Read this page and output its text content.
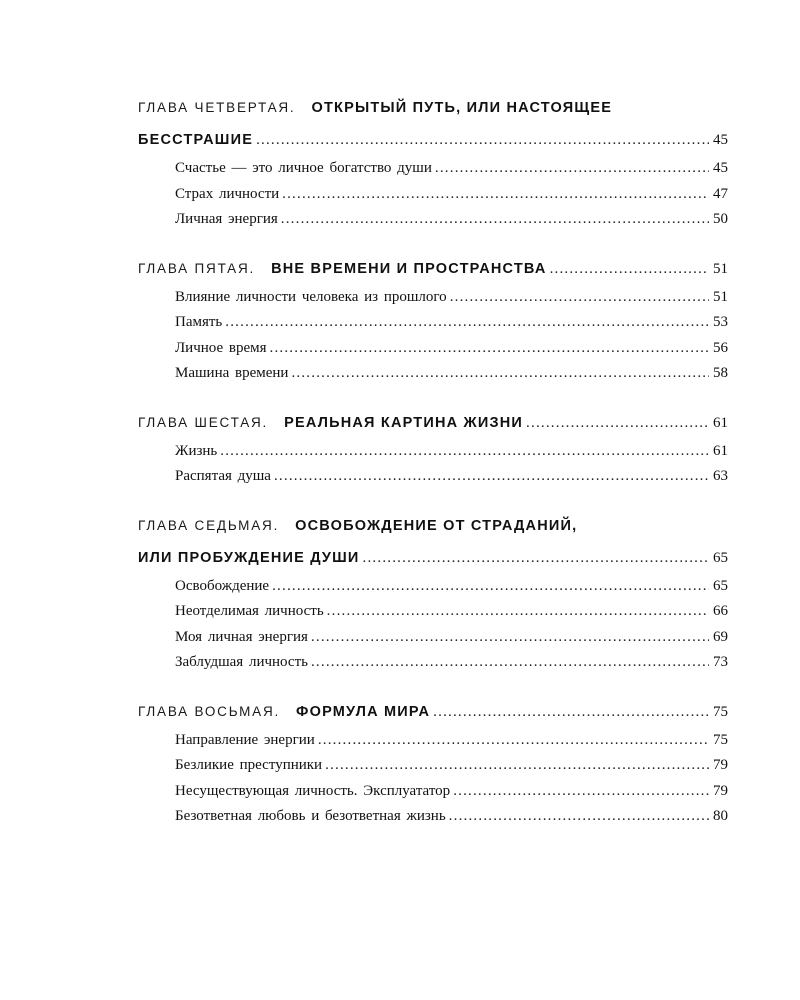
ГЛАВА ЧЕТВЕРТАЯ. ОТКРЫТЫЙ ПУТЬ, ИЛИ НАСТОЯЩЕЕ
БЕССТРАШИЕ .....	45
Счастье — это личное богатство души .....	45
Страх личности .....	47
Личная энергия .....	50
ГЛАВА ПЯТАЯ. ВНЕ ВРЕМЕНИ И ПРОСТРАНСТВА .....	51
Влияние личности человека из прошлого .....	51
Память .....	53
Личное время .....	56
Машина времени .....	58
ГЛАВА ШЕСТАЯ. РЕАЛЬНАЯ КАРТИНА ЖИЗНИ .....	61
Жизнь .....	61
Распятая душа .....	63
ГЛАВА СЕДЬМАЯ. ОСВОБОЖДЕНИЕ ОТ СТРАДАНИЙ,
ИЛИ ПРОБУЖДЕНИЕ ДУШИ .....	65
Освобождение .....	65
Неотделимая личность .....	66
Моя личная энергия .....	69
Заблудшая личность .....	73
ГЛАВА ВОСЬМАЯ. ФОРМУЛА МИРА .....	75
Направление энергии .....	75
Безликие преступники .....	79
Несуществующая личность. Эксплуататор .....	79
Безответная любовь и безответная жизнь .....	80
